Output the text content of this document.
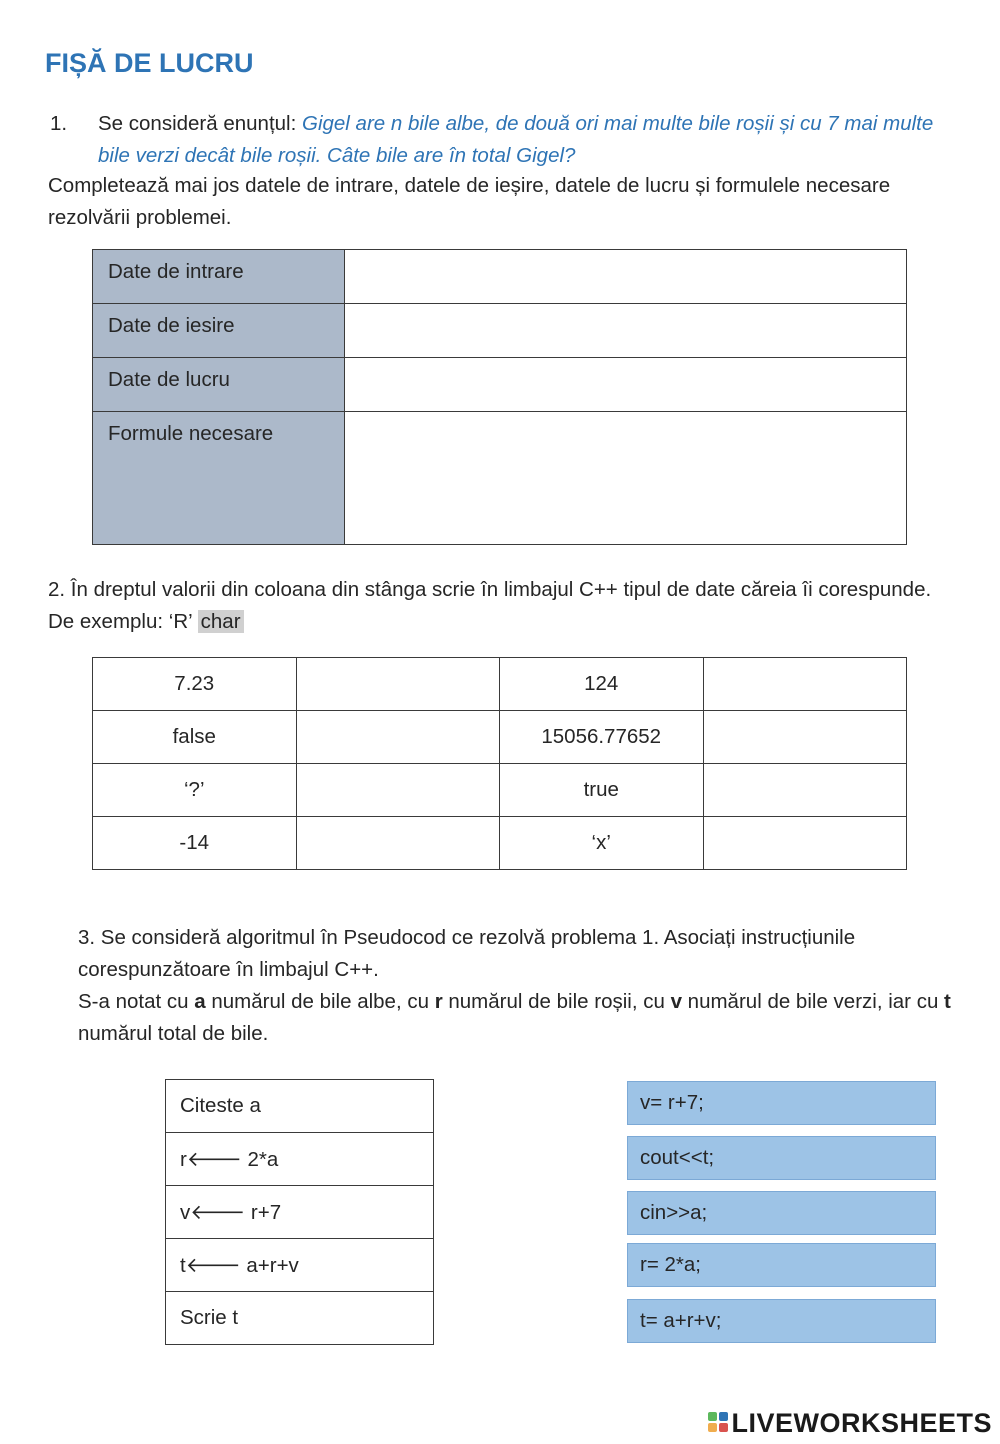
FIȘĂ DE LUCRU
1. Se consideră enunțul: Gigel are n bile albe, de două ori mai multe bile roșii și cu 7 mai multe bile verzi decât bile roșii. Câte bile are în total Gigel?
Completează mai jos datele de intrare, datele de ieșire, datele de lucru și formulele necesare rezolvării problemei.
Date de intrare	
Date de iesire	
Date de lucru	
Formule necesare	
2. În dreptul valorii din coloana din stânga scrie în limbajul C++ tipul de date căreia îi corespunde. De exemplu: ‘R’ char
7.23		124	
false		15056.77652	
‘?’		true	
-14		‘x’	
3. Se consideră algoritmul în Pseudocod ce rezolvă problema 1. Asociați instrucțiunile corespunzătoare în limbajul C++.
S-a notat cu a numărul de bile albe, cu r numărul de bile roșii, cu v numărul de bile verzi, iar cu t numărul total de bile.
Citeste a
r🡐 2*a
v🡐 r+7
t🡐 a+r+v
Scrie t
v= r+7;
cout<<t;
cin>>a;
r= 2*a;
t= a+r+v;
LIVEWORKSHEETS
